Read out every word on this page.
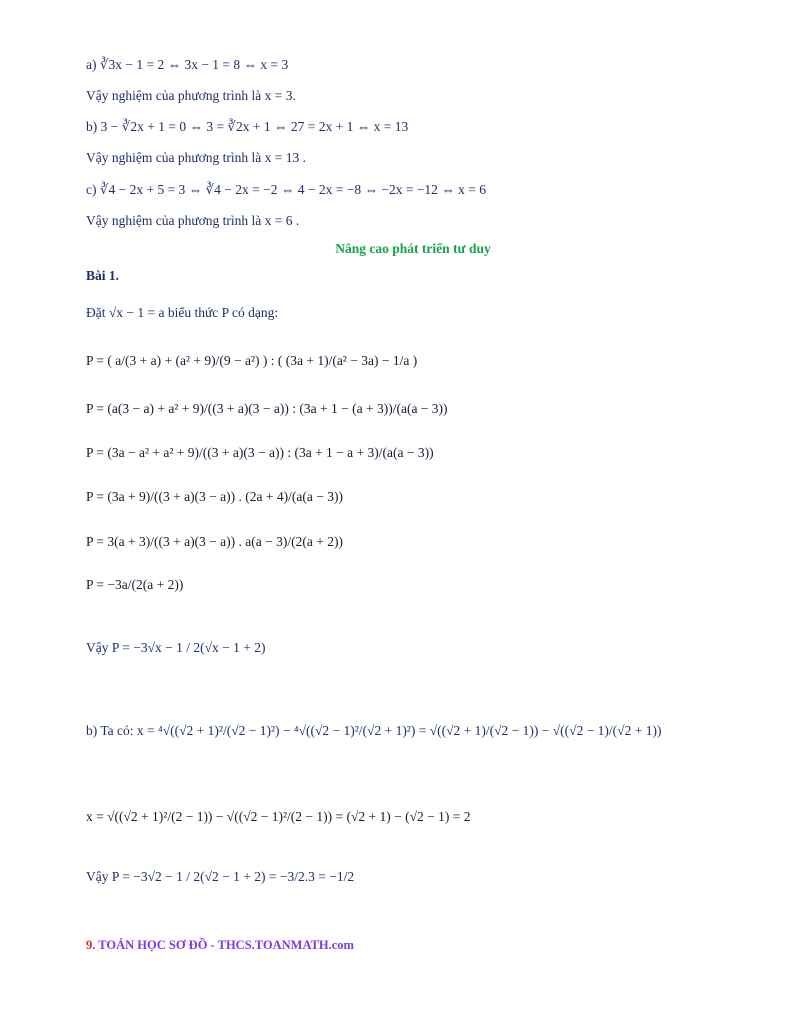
a) ∛3x − 1 = 2 ⇔ 3x − 1 = 8 ⇔ x = 3
Vậy nghiệm của phương trình là x = 3.
b) 3 − ∛2x + 1 = 0 ⇔ 3 = ∛2x + 1 ⇔ 27 = 2x + 1 ⇔ x = 13
Vậy nghiệm của phương trình là x = 13 .
c) ∛4 − 2x + 5 = 3 ⇔ ∛4 − 2x = −2 ⇔ 4 − 2x = −8 ⇔ −2x = −12 ⇔ x = 6
Vậy nghiệm của phương trình là x = 6 .
Nâng cao phát triển tư duy
Bài 1.
Đặt √x − 1 = a biểu thức P có dạng:
P = ( a/(3 + a) + (a² + 9)/(9 − a²) ) : ( (3a + 1)/(a² − 3a) − 1/a )
P = (a(3 − a) + a² + 9)/((3 + a)(3 − a)) : (3a + 1 − (a + 3))/(a(a − 3))
P = (3a − a² + a² + 9)/((3 + a)(3 − a)) : (3a + 1 − a + 3)/(a(a − 3))
P = (3a + 9)/((3 + a)(3 − a)) . (2a + 4)/(a(a − 3))
P = 3(a + 3)/((3 + a)(3 − a)) . a(a − 3)/(2(a + 2))
P = −3a/(2(a + 2))
Vậy P = −3√x − 1 / 2(√x − 1 + 2)
b) Ta có: x = ⁴√((√2 + 1)²/(√2 − 1)²) − ⁴√((√2 − 1)²/(√2 + 1)²) = √((√2 + 1)/(√2 − 1)) − √((√2 − 1)/(√2 + 1))
x = √((√2 + 1)²/(2 − 1)) − √((√2 − 1)²/(2 − 1)) = (√2 + 1) − (√2 − 1) = 2
Vậy P = −3√2 − 1 / 2(√2 − 1 + 2) = −3/2.3 = −1/2
9. TOÁN HỌC SƠ ĐỒ - THCS.TOANMATH.com
